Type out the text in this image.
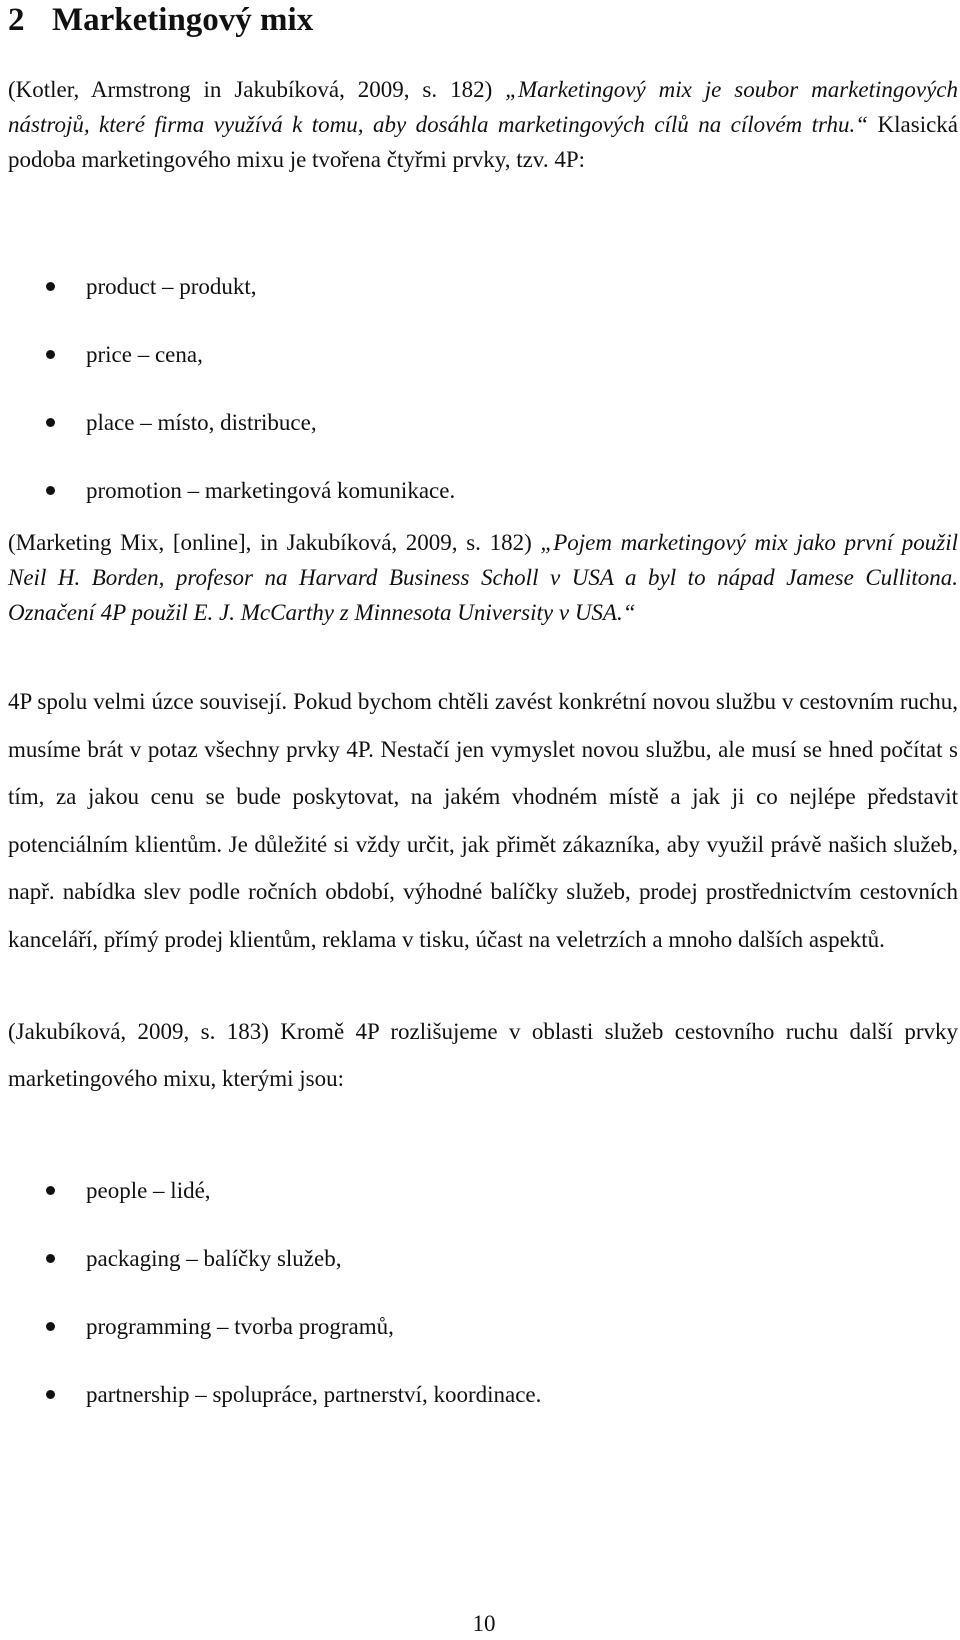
2 Marketingový mix

(Kotler, Armstrong in Jakubíková, 2009, s. 182) „Marketingový mix je soubor marketingových nástrojů, které firma využívá k tomu, aby dosáhla marketingových cílů na cílovém trhu.“ Klasická podoba marketingového mixu je tvořena čtyřmi prvky, tzv. 4P:

product – produkt,
price – cena,
place – místo, distribuce,
promotion – marketingová komunikace.

(Marketing Mix, [online], in Jakubíková, 2009, s. 182) „Pojem marketingový mix jako první použil Neil H. Borden, profesor na Harvard Business Scholl v USA a byl to nápad Jamese Cullitona. Označení 4P použil E. J. McCarthy z Minnesota University v USA.“

4P spolu velmi úzce souvisejí. Pokud bychom chtěli zavést konkrétní novou službu v cestovním ruchu, musíme brát v potaz všechny prvky 4P. Nestačí jen vymyslet novou službu, ale musí se hned počítat s tím, za jakou cenu se bude poskytovat, na jakém vhodném místě a jak ji co nejlépe představit potenciálním klientům. Je důležité si vždy určit, jak přimět zákazníka, aby využil právě našich služeb, např. nabídka slev podle ročních období, výhodné balíčky služeb, prodej prostřednictvím cestovních kanceláří, přímý prodej klientům, reklama v tisku, účast na veletrzích a mnoho dalších aspektů.

(Jakubíková, 2009, s. 183) Kromě 4P rozlišujeme v oblasti služeb cestovního ruchu další prvky marketingového mixu, kterými jsou:

people – lidé,
packaging – balíčky služeb,
programming – tvorba programů,
partnership – spolupráce, partnerství, koordinace.
10
